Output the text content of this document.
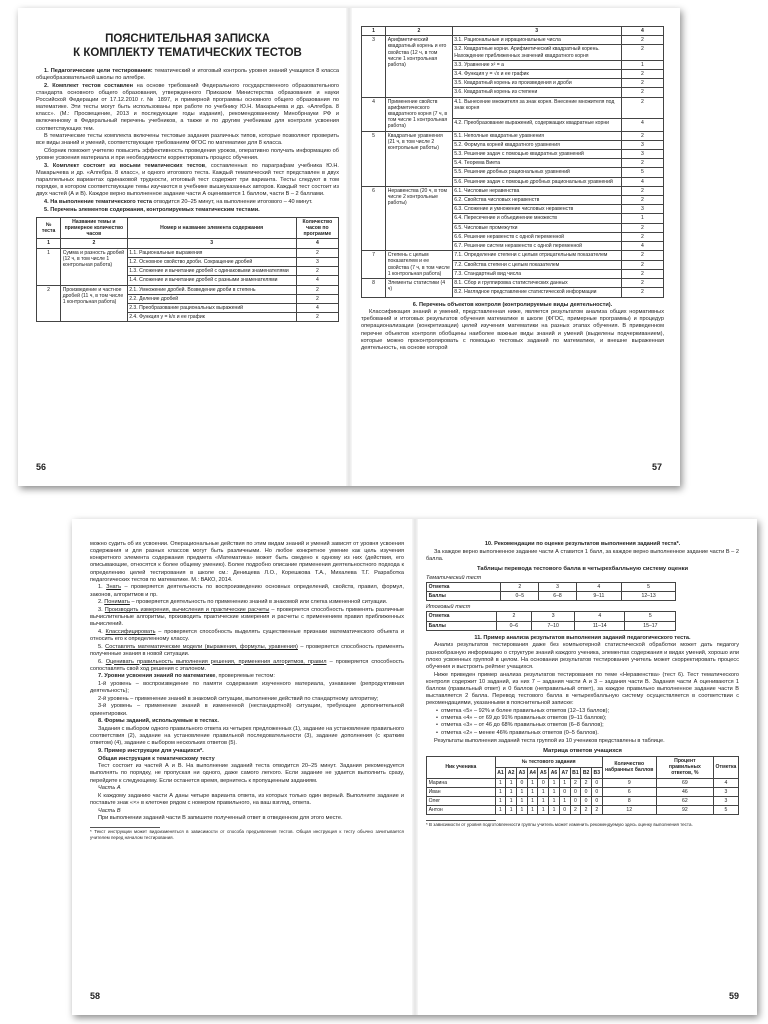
ПОЯСНИТЕЛЬНАЯ ЗАПИСКА
К КОМПЛЕКТУ ТЕМАТИЧЕСКИХ ТЕСТОВ

1. Педагогические цели тестирования: тематический и итоговый контроль уровня знаний учащихся 8 класса общеобразовательной школы по алгебре.

2. Комплект тестов составлен на основе требований Федерального государственного образовательного стандарта основного общего образования, утвержденного Приказом Министерства образования и науки Российской Федерации от 17.12.2010 г. № 1897, и примерной программы основного общего образования по математике. Эти тесты могут быть использованы при работе по учебнику Ю.Н. Макарычева и др. «Алгебра. 8 класс». (М.: Просвещение, 2013 и последующие годы издания), рекомендованному Минобрнауки РФ и включенному в Федеральный перечень учебников, а также и по другим учебникам для контроля усвоения соответствующих тем.

В тематические тесты комплекта включены тестовые задания различных типов, которые позволяют проверить все виды знаний и умений, соответствующие требованиям ФГОС по математике для 8 класса.

Сборник поможет учителю повысить эффективность проведения уроков, оперативно получать информацию об уровне усвоения материала и при необходимости корректировать процесс обучения.

3. Комплект состоит из восьми тематических тестов, составленных по параграфам учебника Ю.Н. Макарычева и др. «Алгебра. 8 класс», и одного итогового теста. Каждый тематический тест представлен в двух параллельных вариантах одинаковой трудности, итоговый тест содержит три варианта. Тесты следуют в том порядке, в котором соответствующие темы изучаются в учебнике вышеуказанных авторов. Каждый тест состоит из двух частей (А и В). Каждое верно выполненное задание части А оценивается 1 баллом, части В – 2 баллами.

4. На выполнение тематического теста отводится 20–25 минут, на выполнение итогового – 40 минут.

5. Перечень элементов содержания, контролируемых тематическим тестами.

№ теста	Название темы и примерное количество часов	Номер и название элемента содержания	Количество часов по программе
1	2	3	4
1	Сумма и разность дробей (12 ч, в том числе 1 контрольная работа)	1.1. Рациональные выражения	2
		1.2. Основное свойство дроби. Сокращение дробей	3
		1.3. Сложение и вычитание дробей с одинаковыми знаменателями	2
		1.4. Сложение и вычитание дробей с разными знаменателями	4
2	Произведение и частное дробей (11 ч, в том числе 1 контрольная работа)	2.1. Умножение дробей. Возведение дроби в степень	2
		2.2. Деление дробей	2
		2.3. Преобразование рациональных выражений	4
		2.4. Функция y = k/x и ее график	2
56
1	2	3	4
3	Арифметический квадратный корень и его свойства (12 ч, в том числе 1 контрольная работа)	3.1. Рациональные и иррациональные числа	2
		3.2. Квадратные корни. Арифметический квадратный корень. Нахождение приближенных значений квадратного корня	2
		3.3. Уравнение x² = a	1
		3.4. Функция y = √x и ее график	2
		3.5. Квадратный корень из произведения и дроби	2
		3.6. Квадратный корень из степени	2
4	Применение свойств арифметического квадратного корня (7 ч, в том числе 1 контрольная работа)	4.1. Вынесение множителя за знак корня. Внесение множителя под знак корня	2
		4.2. Преобразование выражений, содержащих квадратные корни	4
5	Квадратные уравнения (21 ч, в том числе 2 контрольные работы)	5.1. Неполные квадратные уравнения	2
		5.2. Формула корней квадратного уравнения	3
		5.3. Решение задач с помощью квадратных уравнений	3
		5.4. Теорема Виета	2
		5.5. Решение дробных рациональных уравнений	5
		5.6. Решение задач с помощью дробных рациональных уравнений	4
6	Неравенства (20 ч, в том числе 2 контрольные работы)	6.1. Числовые неравенства	2
		6.2. Свойства числовых неравенств	2
		6.3. Сложение и умножение числовых неравенств	3
		6.4. Пересечение и объединение множеств	1
		6.5. Числовые промежутки	2
		6.6. Решение неравенств с одной переменной	2
		6.7. Решение систем неравенств с одной переменной	4
7	Степень с целым показателем и ее свойства (7 ч, в том числе 1 контрольная работа)	7.1. Определение степени с целым отрицательным показателем	2
		7.2. Свойства степени с целым показателем	2
		7.3. Стандартный вид числа	2
8	Элементы статистики (4 ч)	8.1. Сбор и группировка статистических данных	2
		8.2. Наглядное представление статистической информации	2

6. Перечень объектов контроля (контролируемые виды деятельности).

Классификация знаний и умений, представленная ниже, является результатом анализа общих нормативных требований и итоговых результатов обучения математике в школе (ФГОС, примерные программы) и процедур операционализации (конкретизации) целей изучения математики на разных этапах обучения. В приведенном перечне объектов контроля обобщены наиболее важные виды знаний и умений (выделены подчеркиванием), которые можно проконтролировать с помощью тестовых заданий по математике, и внешне выраженная деятельность, на основе которой

57

можно судить об их усвоении. Операциональные действия по этим видам знаний и умений зависят от уровня усвоения содержания и для разных классов могут быть различными. Но любое конкретное умение как цель изучения конкретного элемента содержания предмета «Математика» может быть сведено к одному из них (действия, его описывающие, относятся к более общему умению). Более подробно описание применения деятельностного подхода к определению целей тестирования в школе см.: Денищева Л.О., Корешкова Т.А., Михалева Т.Г. Разработка педагогических тестов по математике. М.: ВАКО, 2014.

1. Знать – проверяется деятельность по воспроизведению основных определений, свойств, правил, формул, законов, алгоритмов и пр.

2. Понимать – проверяется деятельность по применению знаний в знакомой или слегка измененной ситуации.

3. Производить измерения, вычисления и практические расчеты – проверяется способность применять различные вычислительные алгоритмы, производить практические измерения и расчеты с применением правил приближенных вычислений.

4. Классифицировать – проверяется способность выделять существенные признаки математического объекта и относить его к определенному классу.

5. Составлять математические модели (выражения, формулы, уравнения) – проверяется способность применять полученные знания в новой ситуации.

6. Оценивать правильность выполнения решения, применения алгоритмов, правил – проверяется способность сопоставлять свой ход решения с эталоном.

7. Уровни усвоения знаний по математике, проверяемые тестом:

1-й уровень – воспроизведение по памяти содержания изученного материала, узнавание (репродуктивная деятельность);

2-й уровень – применение знаний в знакомой ситуации, выполнение действий по стандартному алгоритму;

3-й уровень – применение знаний в измененной (нестандартной) ситуации, требующее дополнительной ориентировки.

8. Формы заданий, используемые в тестах.

Задания с выбором одного правильного ответа из четырех предложенных (1), задание на установление правильного соответствия (2), задание на установление правильной последовательности (3), задание дополнения (с кратким ответом) (4), задание с выбором нескольких ответов (5).

9. Пример инструкции для учащихся*.

Общая инструкция к тематическому тесту

Тест состоит из частей А и В. На выполнение заданий теста отводится 20–25 минут. Задания рекомендуется выполнять по порядку, не пропуская ни одного, даже самого легкого. Если задание не удается выполнить сразу, перейдите к следующему. Если останется время, вернитесь к пропущенным заданиям.

Часть А

К каждому заданию части А даны четыре варианта ответа, из которых только один верный. Выполните задание и поставьте знак «×» в клеточке рядом с номером правильного, на ваш взгляд, ответа.

Часть В

При выполнении заданий части В запишите полученный ответ в отведенном для этого месте.

* Текст инструкции может видоизменяться в зависимости от способа предъявления тестов. Общая инструкция к тесту обычно зачитывается учителем перед началом тестирования.

58

10. Рекомендации по оценке результатов выполнения заданий теста*.

За каждое верно выполненное задание части А ставится 1 балл, за каждое верно выполненное задание части В – 2 балла.

Таблицы перевода тестового балла в четырехбалльную систему оценки
Тематический тест
Отметка	2	3	4	5
Баллы	0–5	6–8	9–11	12–13
Итоговый тест
Отметка	2	3	4	5
Баллы	0–6	7–10	11–14	15–17

11. Пример анализа результатов выполнения заданий педагогического теста.

Анализ результатов тестирования даже без компьютерной статистической обработки может дать педагогу разнообразную информацию о структуре знаний каждого ученика, элементах содержания и видах умений, хорошо или плохо усвоенных группой в целом. На основании результатов тестирования учитель может скорректировать процесс обучения и выстроить рейтинг учащихся.

Ниже приведен пример анализа результатов тестирования по теме «Неравенства» (тест 6). Тест тематического контроля содержит 10 заданий, из них 7 – задания части А и 3 – задания части В. Задания части А оцениваются 1 баллом (правильный ответ) и 0 баллов (неправильный ответ), за каждое правильно выполненное задание части В выставляется 2 балла. Перевод тестового балла в четырехбалльную систему осуществляется в соответствии с рекомендациями, указанными в пояснительной записке:

• отметка «5» – 92% и более правильных ответов (12–13 баллов);
• отметка «4» – от 69 до 91% правильных ответов (9–11 баллов);
• отметка «3» – от 46 до 68% правильных ответов (6–8 баллов);
• отметка «2» – менее 46% правильных ответов (0–5 баллов).

Результаты выполнения заданий теста группой из 10 учеников представлены в таблице.

Матрица ответов учащихся
Ник ученика	№ тестового задания										Количество набранных баллов	Процент правильных ответов, %	Отметка
	А1	А2	А3	А4	А5	А6	А7	В1	В2	В3			
Марина	1	1	0	1	0	1	1	2	2	0	9	69	4
Иван	1	1	1	1	1	1	0	0	0	0	6	46	3
Олег	1	1	1	1	1	1	1	0	0	0	8	62	3
Антон	1	1	1	1	1	1	0	2	2	2	12	92	5

* В зависимости от уровня подготовленности группы учитель может изменить рекомендуемую здесь оценку выполнения теста.

59
